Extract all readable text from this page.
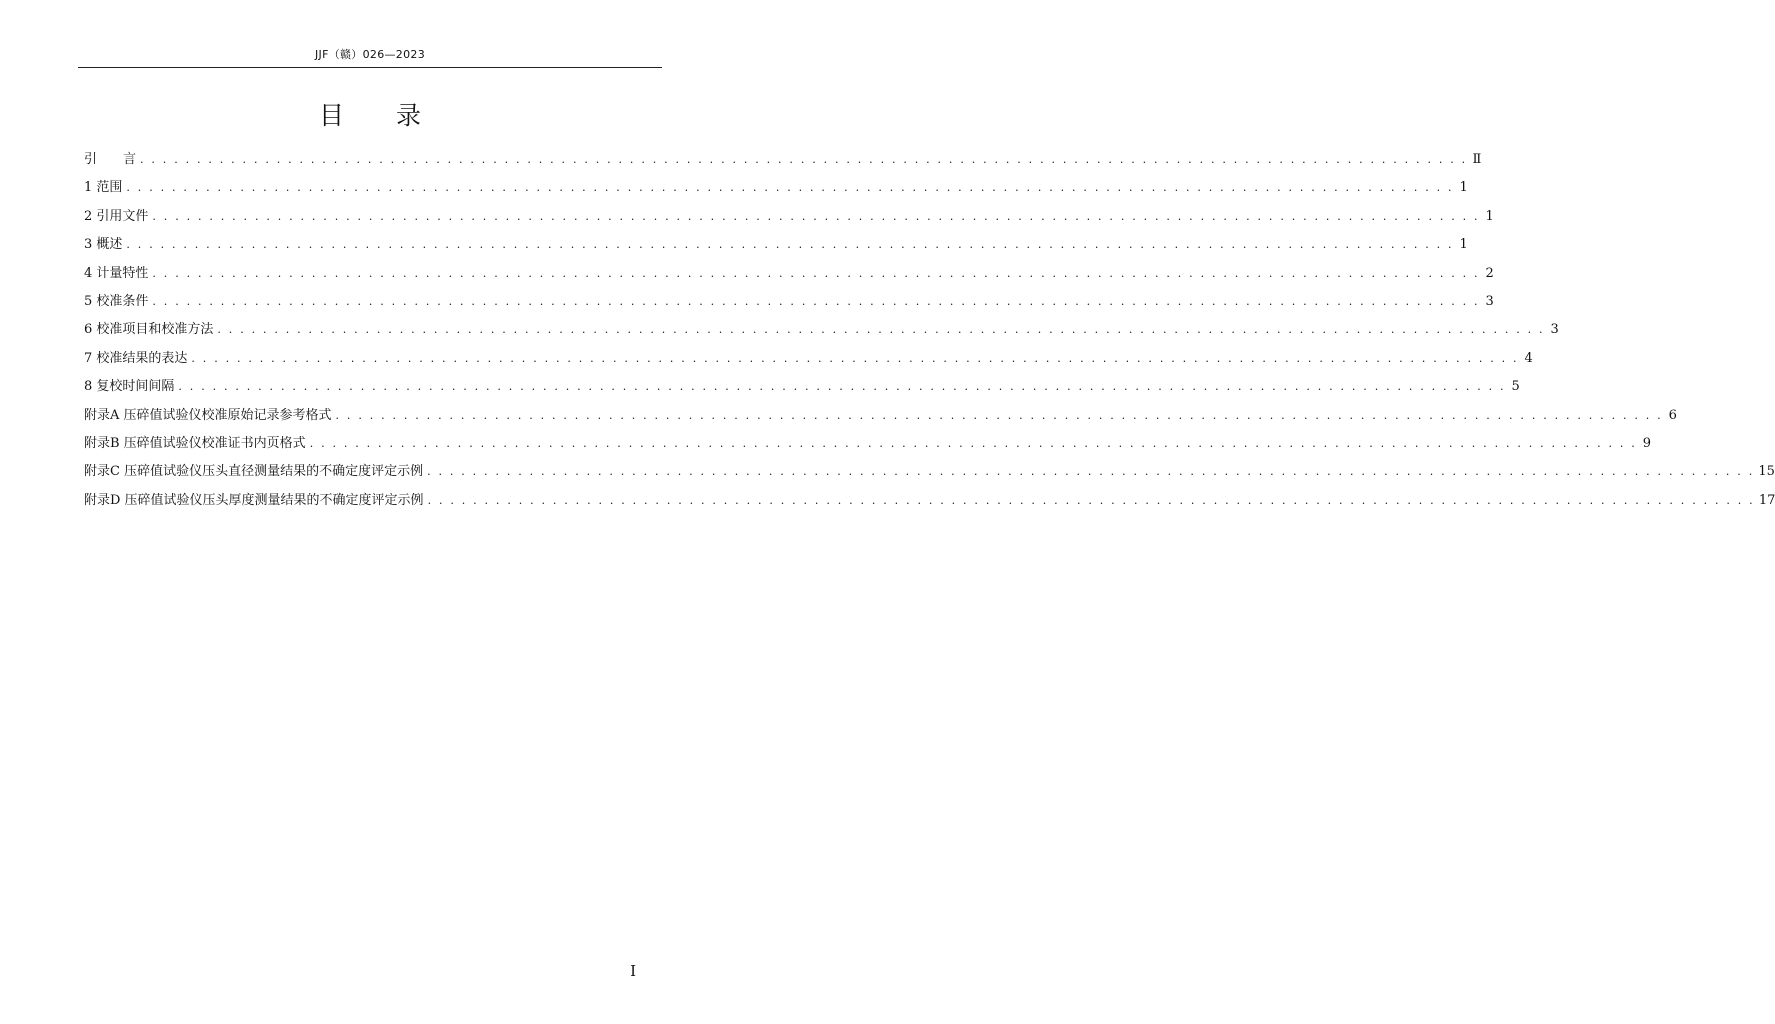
JJF（赣）026—2023
目 录
引　　言 . . . . . . . . . . . . . . . . . . . . . . . . . . . . . . . . . . . . . . . . . . . . . . . . . . . . . . . . . . . . . . . . . . . . . . . . . . . . . . . . . . . . . . . . . . . . . . . . . . . . . . . . . . . . . . . . . . . . . Ⅱ
1 范围 . . . . . . . . . . . . . . . . . . . . . . . . . . . . . . . . . . . . . . . . . . . . . . . . . . . . . . . . . . . . . . . . . . . . . . . . . . . . . . . . . . . . . . . . . . . . . . . . . . . . . . . . . . . . . . . . . . . . . 1
2 引用文件 . . . . . . . . . . . . . . . . . . . . . . . . . . . . . . . . . . . . . . . . . . . . . . . . . . . . . . . . . . . . . . . . . . . . . . . . . . . . . . . . . . . . . . . . . . . . . . . . . . . . . . . . . . . . . . . . . . . . . 1
3 概述 . . . . . . . . . . . . . . . . . . . . . . . . . . . . . . . . . . . . . . . . . . . . . . . . . . . . . . . . . . . . . . . . . . . . . . . . . . . . . . . . . . . . . . . . . . . . . . . . . . . . . . . . . . . . . . . . . . . . . 1
4 计量特性 . . . . . . . . . . . . . . . . . . . . . . . . . . . . . . . . . . . . . . . . . . . . . . . . . . . . . . . . . . . . . . . . . . . . . . . . . . . . . . . . . . . . . . . . . . . . . . . . . . . . . . . . . . . . . . . . . . . . . 2
5 校准条件 . . . . . . . . . . . . . . . . . . . . . . . . . . . . . . . . . . . . . . . . . . . . . . . . . . . . . . . . . . . . . . . . . . . . . . . . . . . . . . . . . . . . . . . . . . . . . . . . . . . . . . . . . . . . . . . . . . . . . 3
6 校准项目和校准方法 . . . . . . . . . . . . . . . . . . . . . . . . . . . . . . . . . . . . . . . . . . . . . . . . . . . . . . . . . . . . . . . . . . . . . . . . . . . . . . . . . . . . . . . . . . . . . . . . . . . . . . . . . . . . . . . . . . . . . 3
7 校准结果的表达 . . . . . . . . . . . . . . . . . . . . . . . . . . . . . . . . . . . . . . . . . . . . . . . . . . . . . . . . . . . . . . . . . . . . . . . . . . . . . . . . . . . . . . . . . . . . . . . . . . . . . . . . . . . . . . . . . . . . . 4
8 复校时间间隔 . . . . . . . . . . . . . . . . . . . . . . . . . . . . . . . . . . . . . . . . . . . . . . . . . . . . . . . . . . . . . . . . . . . . . . . . . . . . . . . . . . . . . . . . . . . . . . . . . . . . . . . . . . . . . . . . . . . . . 5
附录A 压碎值试验仪校准原始记录参考格式 . . . . . . . . . . . . . . . . . . . . . . . . . . . . . . . . . . . . . . . . . . . . . . . . . . . . . . . . . . . . . . . . . . . . . . . . . . . . . . . . . . . . . . . . . . . . . . . . . . . . . . . . . . . . . . . . . . . . . 6
附录B 压碎值试验仪校准证书内页格式 . . . . . . . . . . . . . . . . . . . . . . . . . . . . . . . . . . . . . . . . . . . . . . . . . . . . . . . . . . . . . . . . . . . . . . . . . . . . . . . . . . . . . . . . . . . . . . . . . . . . . . . . . . . . . . . . . . . . . 9
附录C 压碎值试验仪压头直径测量结果的不确定度评定示例 . . . . . . . . . . . . . . . . . . . . . . . . . . . . . . . . . . . . . . . . . . . . . . . . . . . . . . . . . . . . . . . . . . . . . . . . . . . . . . . . . . . . . . . . . . . . . . . . . . . . . . . . . . . . . . . . . . . . . 15
附录D 压碎值试验仪压头厚度测量结果的不确定度评定示例 . . . . . . . . . . . . . . . . . . . . . . . . . . . . . . . . . . . . . . . . . . . . . . . . . . . . . . . . . . . . . . . . . . . . . . . . . . . . . . . . . . . . . . . . . . . . . . . . . . . . . . . . . . . . . . . . . . . . . 17
I
